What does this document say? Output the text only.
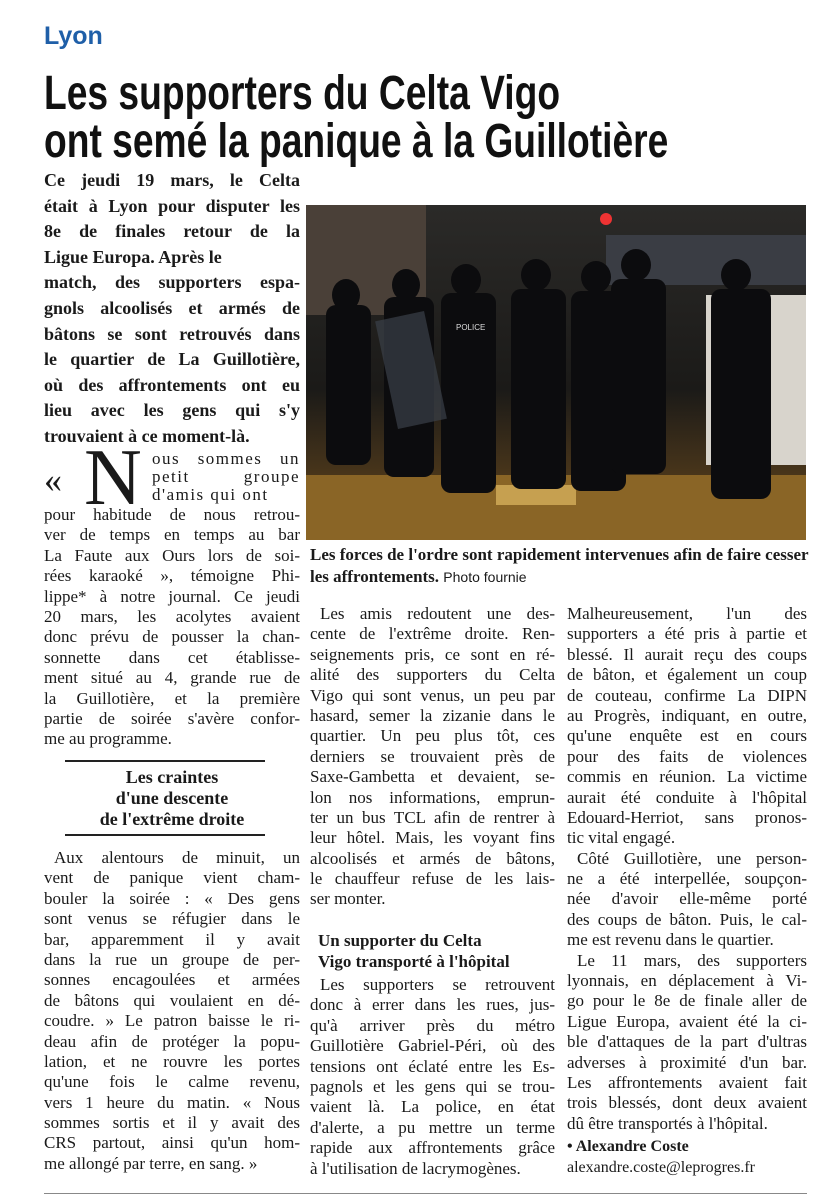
Lyon
Les supporters du Celta Vigo
ont semé la panique à la Guillotière
Ce jeudi 19 mars, le Celta
était à Lyon pour disputer les
8e de finales retour de la
Ligue Europa. Après le
match, des supporters espa-
gnols alcoolisés et armés de
bâtons se sont retrouvés dans
le quartier de La Guillotière,
où des affrontements ont eu
lieu avec les gens qui s'y
trouvaient à ce moment-là.
« N ous sommes un
petit groupe
d'amis qui ont
pour habitude de nous retrou-
ver de temps en temps au bar
La Faute aux Ours lors de soi-
rées karaoké », témoigne Phi-
lippe* à notre journal. Ce jeudi
20 mars, les acolytes avaient
donc prévu de pousser la chan-
sonnette dans cet établisse-
ment situé au 4, grande rue de
la Guillotière, et la première
partie de soirée s'avère confor-
me au programme.
Les craintes
d'une descente
de l'extrême droite
Aux alentours de minuit, un
vent de panique vient cham-
bouler la soirée : « Des gens
sont venus se réfugier dans le
bar, apparemment il y avait
dans la rue un groupe de per-
sonnes encagoulées et armées
de bâtons qui voulaient en dé-
coudre. » Le patron baisse le ri-
deau afin de protéger la popu-
lation, et ne rouvre les portes
qu'une fois le calme revenu,
vers 1 heure du matin. « Nous
sommes sortis et il y avait des
CRS partout, ainsi qu'un hom-
me allongé par terre, en sang. »
POLICE
Les forces de l'ordre sont rapidement intervenues afin de faire cesser les affrontements. Photo fournie
Les amis redoutent une des-
cente de l'extrême droite. Ren-
seignements pris, ce sont en ré-
alité des supporters du Celta
Vigo qui sont venus, un peu par
hasard, semer la zizanie dans le
quartier. Un peu plus tôt, ces
derniers se trouvaient près de
Saxe-Gambetta et devaient, se-
lon nos informations, emprun-
ter un bus TCL afin de rentrer à
leur hôtel. Mais, les voyant fins
alcoolisés et armés de bâtons,
le chauffeur refuse de les lais-
ser monter.
Un supporter du Celta
Vigo transporté à l'hôpital
Les supporters se retrouvent
donc à errer dans les rues, jus-
qu'à arriver près du métro
Guillotière Gabriel-Péri, où des
tensions ont éclaté entre les Es-
pagnols et les gens qui se trou-
vaient là. La police, en état
d'alerte, a pu mettre un terme
rapide aux affrontements grâce
à l'utilisation de lacrymogènes.
Malheureusement, l'un des
supporters a été pris à partie et
blessé. Il aurait reçu des coups
de bâton, et également un coup
de couteau, confirme La DIPN
au Progrès, indiquant, en outre,
qu'une enquête est en cours
pour des faits de violences
commis en réunion. La victime
aurait été conduite à l'hôpital
Edouard-Herriot, sans pronos-
tic vital engagé.
Côté Guillotière, une person-
ne a été interpellée, soupçon-
née d'avoir elle-même porté
des coups de bâton. Puis, le cal-
me est revenu dans le quartier.
Le 11 mars, des supporters
lyonnais, en déplacement à Vi-
go pour le 8e de finale aller de
Ligue Europa, avaient été la ci-
ble d'attaques de la part d'ultras
adverses à proximité d'un bar.
Les affrontements avaient fait
trois blessés, dont deux avaient
dû être transportés à l'hôpital.
• Alexandre Coste
alexandre.coste@leprogres.fr
